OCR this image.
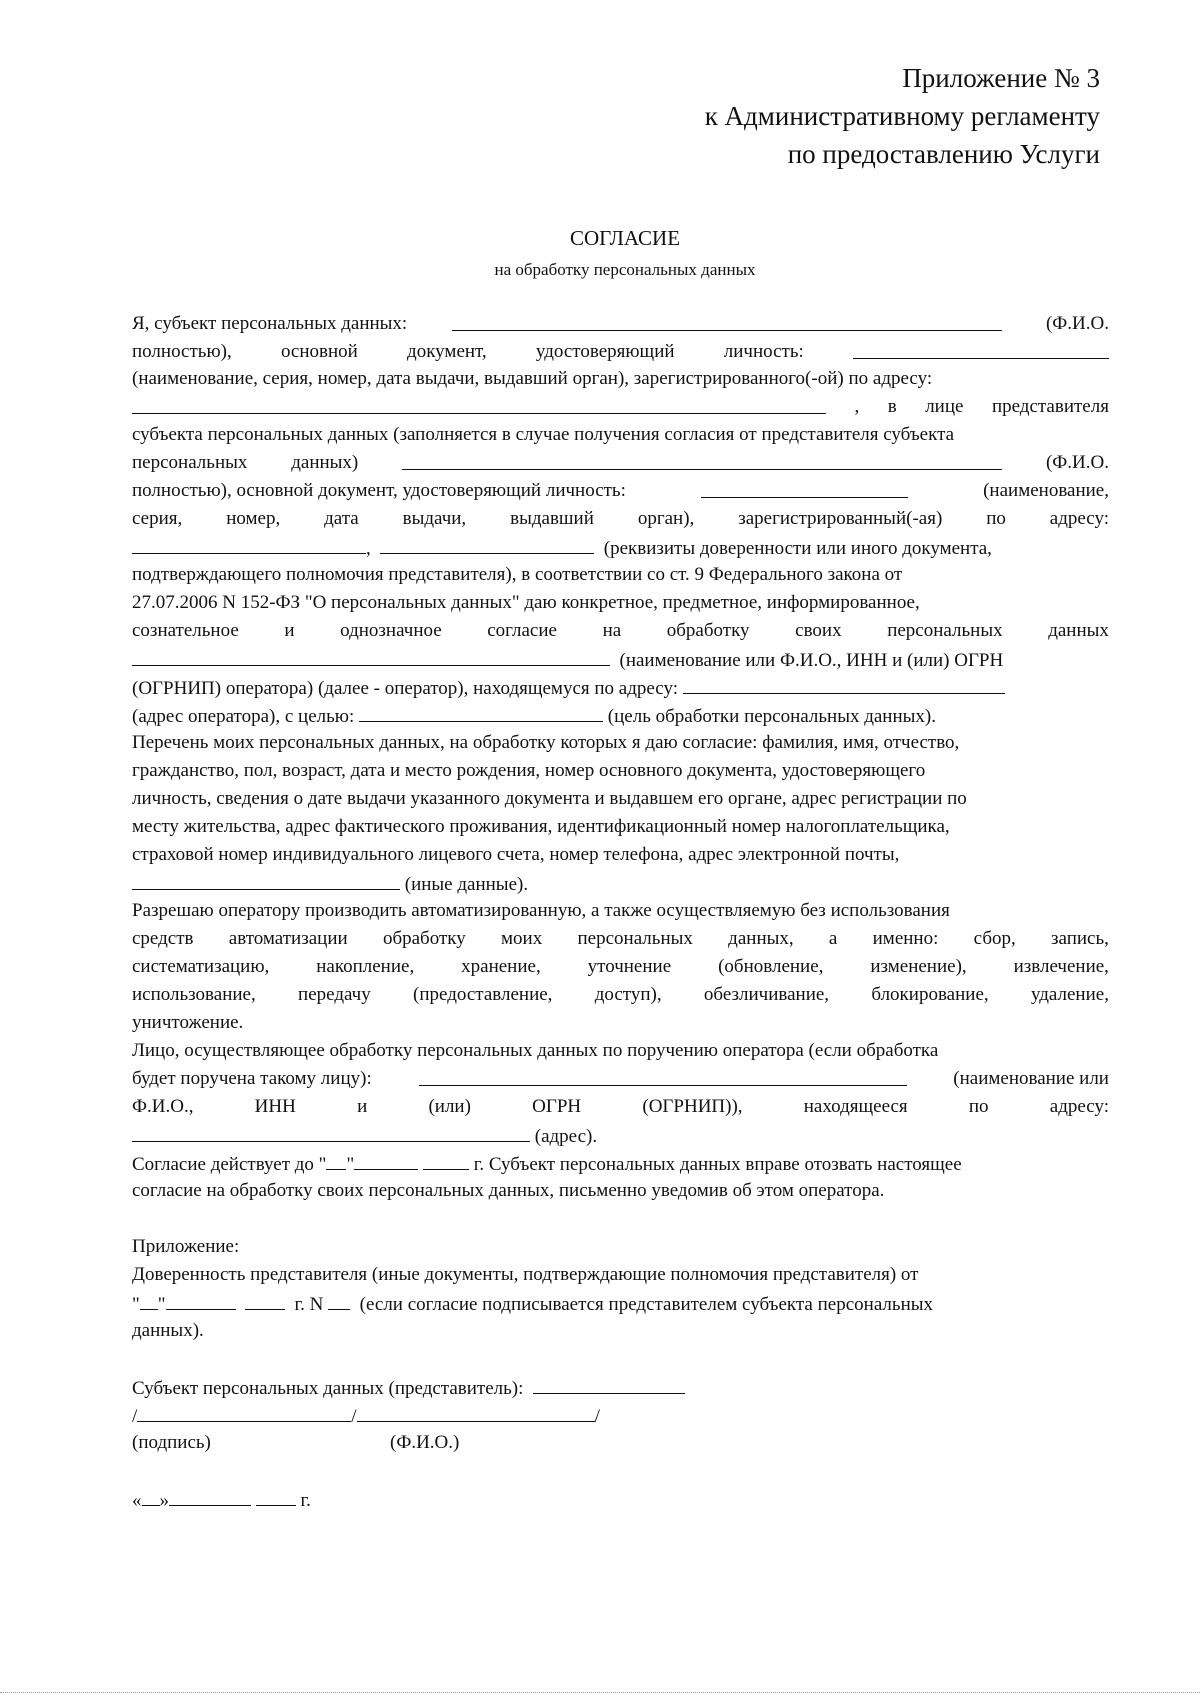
Приложение № 3
к Административному регламенту
по предоставлению Услуги
СОГЛАСИЕ
на обработку персональных данных
Я, субъект персональных данных:	(Ф.И.О.
полностью),	основной	документ,	удостоверяющий	личность:
(наименование, серия, номер, дата выдачи, выдавший орган), зарегистрированного(-ой) по адресу:
, в лице представителя
субъекта персональных данных (заполняется в случае получения согласия от представителя субъекта
персональных данных)	(Ф.И.О.
полностью), основной документ, удостоверяющий личность:	(наименование,
серия, номер, дата выдачи, выдавший орган), зарегистрированный(-ая) по адресу:
,	(реквизиты доверенности или иного документа,
подтверждающего полномочия представителя), в соответствии со ст. 9 Федерального закона от
27.07.2006 N 152-ФЗ "О персональных данных" даю конкретное, предметное, информированное,
сознательное и однозначное согласие на обработку своих персональных данных
(наименование или Ф.И.О., ИНН и (или) ОГРН
(ОГРНИП) оператора) (далее - оператор), находящемуся по адресу:
(адрес оператора), с целью:	(цель обработки персональных данных).
Перечень моих персональных данных, на обработку которых я даю согласие: фамилия, имя, отчество,
гражданство, пол, возраст, дата и место рождения, номер основного документа, удостоверяющего
личность, сведения о дате выдачи указанного документа и выдавшем его органе, адрес регистрации по
месту жительства, адрес фактического проживания, идентификационный номер налогоплательщика,
страховой номер индивидуального лицевого счета, номер телефона, адрес электронной почты,
(иные данные).
Разрешаю оператору производить автоматизированную, а также осуществляемую без использования
средств автоматизации обработку моих персональных данных, а именно: сбор, запись,
систематизацию, накопление, хранение, уточнение (обновление, изменение), извлечение,
использование, передачу (предоставление, доступ), обезличивание, блокирование, удаление,
уничтожение.
Лицо, осуществляющее обработку персональных данных по поручению оператора (если обработка
будет поручена такому лицу):	(наименование или
Ф.И.О.,	ИНН	и	(или)	ОГРН	(ОГРНИП)),	находящееся	по	адресу:
(адрес).
Согласие действует до " "	г. Субъект персональных данных вправе отозвать настоящее
согласие на обработку своих персональных данных, письменно уведомив об этом оператора.
Приложение:
Доверенность представителя (иные документы, подтверждающие полномочия представителя) от
" "	г. N (если согласие подписывается представителем субъекта персональных
данных).
Субъект персональных данных (представитель):
/	/	/
(подпись)	(Ф.И.О.)
« »	г.
